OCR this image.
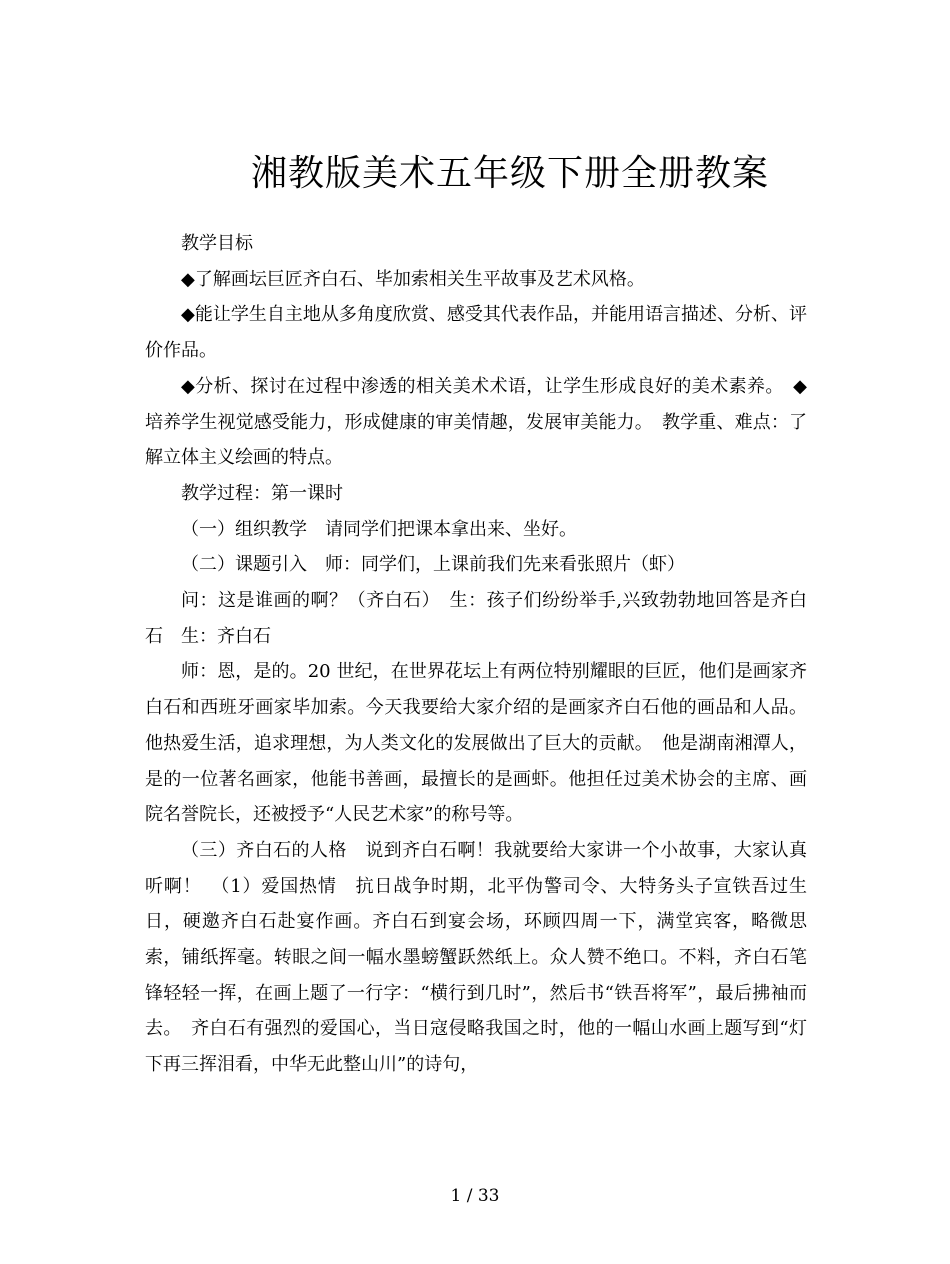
湘教版美术五年级下册全册教案

教学目标

◆了解画坛巨匠齐白石、毕加索相关生平故事及艺术风格。

◆能让学生自主地从多角度欣赏、感受其代表作品，并能用语言描述、分析、评价作品。

◆分析、探讨在过程中渗透的相关美术术语，让学生形成良好的美术素养。　◆培养学生视觉感受能力，形成健康的审美情趣，发展审美能力。　教学重、难点：了解立体主义绘画的特点。

教学过程：第一课时

（一）组织教学　请同学们把课本拿出来、坐好。

（二）课题引入　师：同学们，上课前我们先来看张照片（虾）

问：这是谁画的啊？（齐白石）　生：孩子们纷纷举手,兴致勃勃地回答是齐白石　生：齐白石

师：恩，是的。20 世纪，在世界花坛上有两位特别耀眼的巨匠，他们是画家齐白石和西班牙画家毕加索。今天我要给大家介绍的是画家齐白石他的画品和人品。他热爱生活，追求理想，为人类文化的发展做出了巨大的贡献。　他是湖南湘潭人，是的一位著名画家，他能书善画，最擅长的是画虾。他担任过美术协会的主席、画院名誉院长，还被授予“人民艺术家”的称号等。

（三）齐白石的人格　说到齐白石啊！我就要给大家讲一个小故事，大家认真听啊！　（1）爱国热情　抗日战争时期，北平伪警司令、大特务头子宣铁吾过生日，硬邀齐白石赴宴作画。齐白石到宴会场，环顾四周一下，满堂宾客，略微思索，铺纸挥毫。转眼之间一幅水墨螃蟹跃然纸上。众人赞不绝口。不料，齐白石笔锋轻轻一挥，在画上题了一行字：“横行到几时”，然后书“铁吾将军”，最后拂袖而去。　齐白石有强烈的爱国心，当日寇侵略我国之时，他的一幅山水画上题写到“灯下再三挥泪看，中华无此整山川”的诗句，

1 / 33
